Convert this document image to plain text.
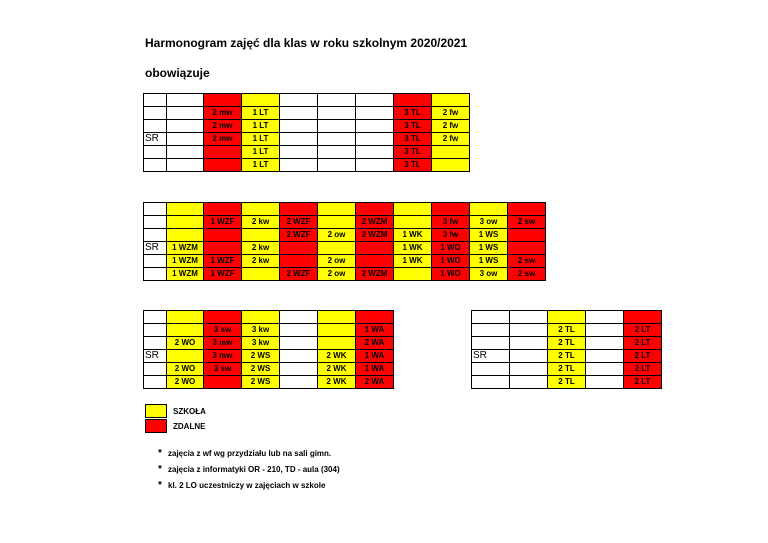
Harmonogram zajęć dla klas w roku szkolnym 2020/2021
obowiązuje

		2 mw	1 LT				3 TL	2 fw
		2 mw	1 LT				3 TL	2 fw
SR		2 mw	1 LT				3 TL	2 fw
			1 LT				3 TL	
			1 LT				3 TL	

		1 WZF	2 kw	2 WZF		2 WZM		3 fw	3 ow	2 sw
				2 WZF	2 ow	2 WZM	1 WK	3 fw	1 WS	
SR	1 WZM		2 kw				1 WK	1 WO	1 WS	
	1 WZM	1 WZF	2 kw		2 ow		1 WK	1 WO	1 WS	2 sw
	1 WZM	1 WZF		2 WZF	2 ow	2 WZM		1 WO	3 ow	2 sw

		3 sw	3 kw			1 WA
	2 WO	3 mw	3 kw			2 WA
SR		3 mw	2 WS		2 WK	1 WA
	2 WO	3 sw	2 WS		2 WK	1 WA
	2 WO		2 WS		2 WK	2 WA

		2 TL		2 LT
		2 TL		2 LT
SR		2 TL		2 LT
		2 TL		2 LT
		2 TL		2 LT
SZKOŁA
ZDALNE
* zajęcia z wf wg przydziału lub na sali gimn.
* zajęcia z informatyki OR - 210, TD - aula (304)
* kl. 2 LO uczestniczy w zajęciach w szkole
